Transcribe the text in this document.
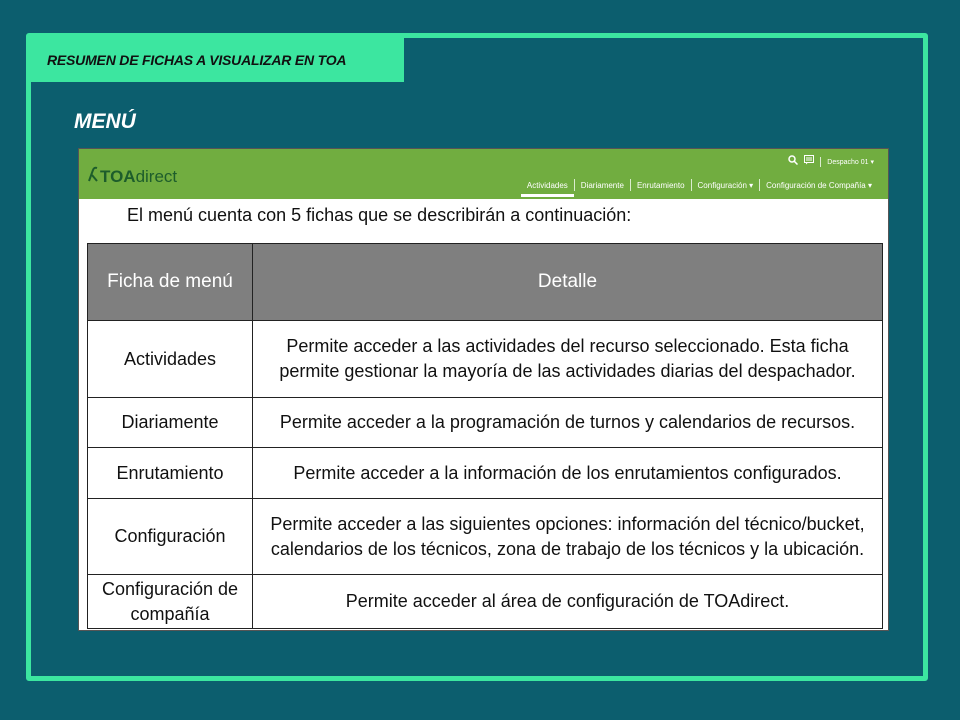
RESUMEN DE FICHAS A VISUALIZAR EN TOA
MENÚ
TOA direct
Despacho 01 ▾
Actividades	Diariamente	Enrutamiento	Configuración ▾	Configuración de Compañía ▾
El menú cuenta con 5 fichas que se describirán a continuación:
Ficha de menú	Detalle
Actividades	Permite acceder a las actividades del recurso seleccionado. Esta ficha permite gestionar la mayoría de las actividades diarias del despachador.
Diariamente	Permite acceder a la programación de turnos y calendarios de recursos.
Enrutamiento	Permite acceder a la información de los enrutamientos configurados.
Configuración	Permite acceder a las siguientes opciones: información del técnico/bucket, calendarios de los técnicos, zona de trabajo de los técnicos y la ubicación.
Configuración de compañía	Permite acceder al área de configuración de TOAdirect.
